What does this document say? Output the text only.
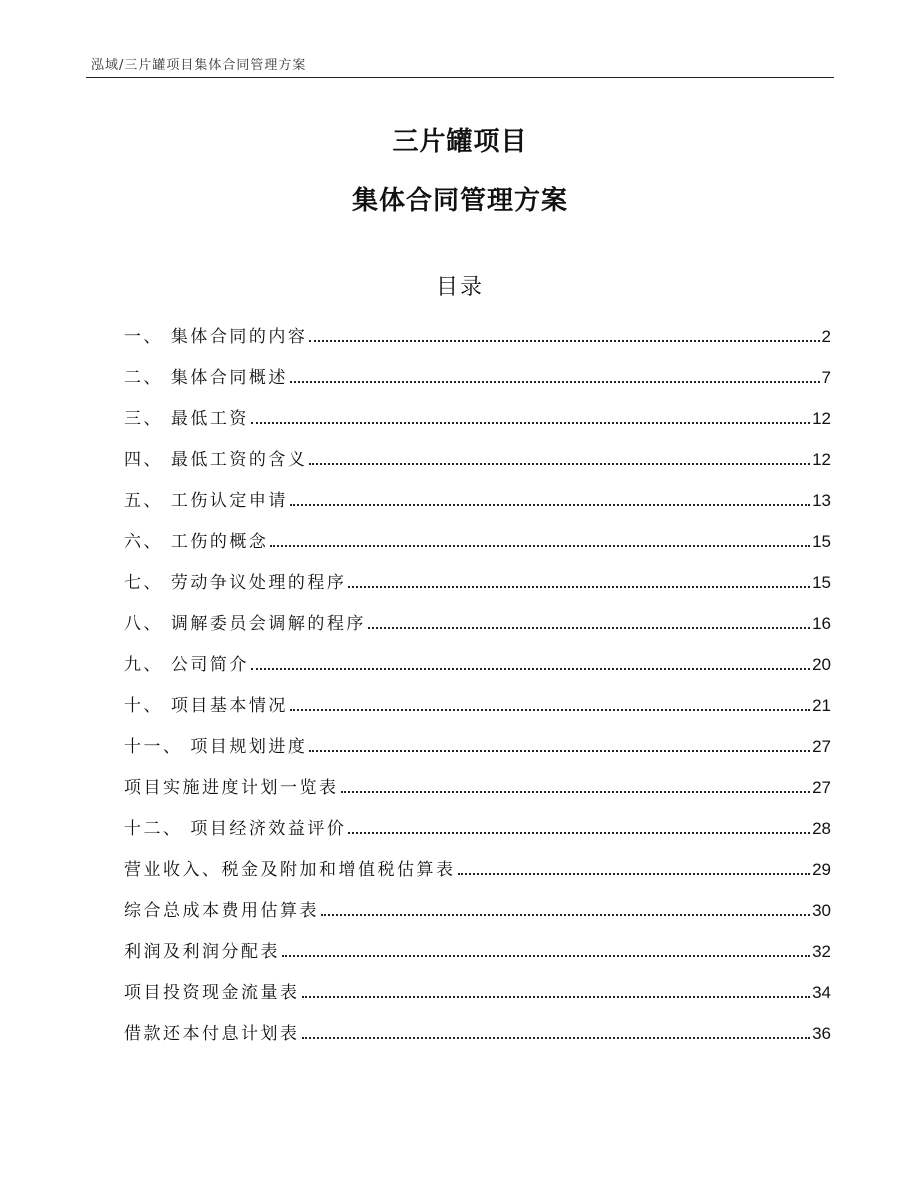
泓域/三片罐项目集体合同管理方案
三片罐项目
集体合同管理方案
目录
一、 集体合同的内容	2
二、 集体合同概述	7
三、 最低工资	12
四、 最低工资的含义	12
五、 工伤认定申请	13
六、 工伤的概念	15
七、 劳动争议处理的程序	15
八、 调解委员会调解的程序	16
九、 公司简介	20
十、 项目基本情况	21
十一、 项目规划进度	27
项目实施进度计划一览表	27
十二、 项目经济效益评价	28
营业收入、税金及附加和增值税估算表	29
综合总成本费用估算表	30
利润及利润分配表	32
项目投资现金流量表	34
借款还本付息计划表	36
